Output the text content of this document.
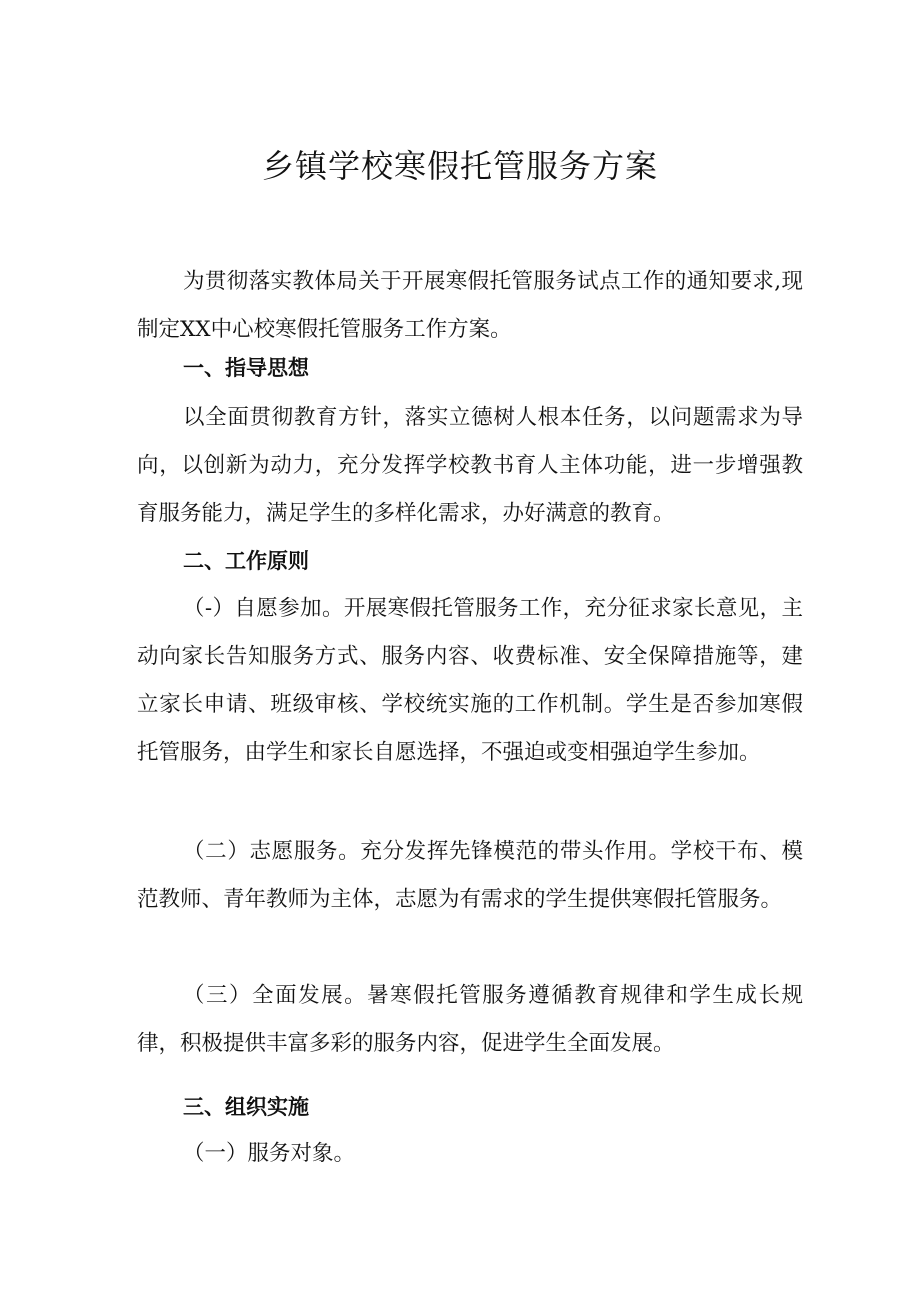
乡镇学校寒假托管服务方案

为贯彻落实教体局关于开展寒假托管服务试点工作的通知要求,现制定XX中心校寒假托管服务工作方案。

一、指导思想

以全面贯彻教育方针，落实立德树人根本任务，以问题需求为导向，以创新为动力，充分发挥学校教书育人主体功能，进一步增强教育服务能力，满足学生的多样化需求，办好满意的教育。

二、工作原则

（-）自愿参加。开展寒假托管服务工作，充分征求家长意见，主动向家长告知服务方式、服务内容、收费标准、安全保障措施等，建立家长申请、班级审核、学校统实施的工作机制。学生是否参加寒假托管服务，由学生和家长自愿选择，不强迫或变相强迫学生参加。

（二）志愿服务。充分发挥先锋模范的带头作用。学校干布、模范教师、青年教师为主体，志愿为有需求的学生提供寒假托管服务。

（三）全面发展。暑寒假托管服务遵循教育规律和学生成长规律，积极提供丰富多彩的服务内容，促进学生全面发展。

三、组织实施

（一）服务对象。
